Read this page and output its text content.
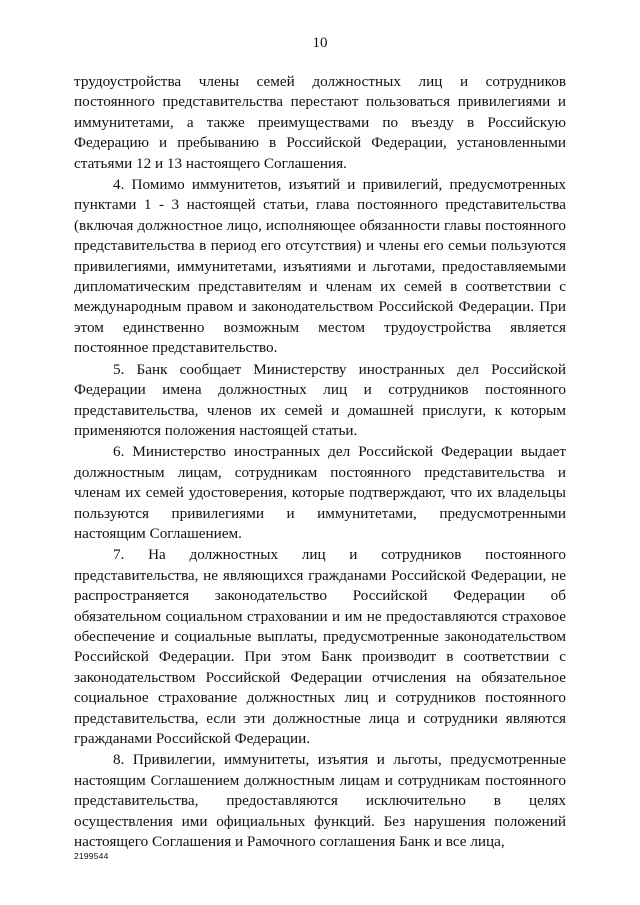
10

трудоустройства члены семей должностных лиц и сотрудников постоянного представительства перестают пользоваться привилегиями и иммунитетами, а также преимуществами по въезду в Российскую Федерацию и пребыванию в Российской Федерации, установленными статьями 12 и 13 настоящего Соглашения.

4. Помимо иммунитетов, изъятий и привилегий, предусмотренных пунктами 1 - 3 настоящей статьи, глава постоянного представительства (включая должностное лицо, исполняющее обязанности главы постоянного представительства в период его отсутствия) и члены его семьи пользуются привилегиями, иммунитетами, изъятиями и льготами, предоставляемыми дипломатическим представителям и членам их семей в соответствии с международным правом и законодательством Российской Федерации. При этом единственно возможным местом трудоустройства является постоянное представительство.

5. Банк сообщает Министерству иностранных дел Российской Федерации имена должностных лиц и сотрудников постоянного представительства, членов их семей и домашней прислуги, к которым применяются положения настоящей статьи.

6. Министерство иностранных дел Российской Федерации выдает должностным лицам, сотрудникам постоянного представительства и членам их семей удостоверения, которые подтверждают, что их владельцы пользуются привилегиями и иммунитетами, предусмотренными настоящим Соглашением.

7. На должностных лиц и сотрудников постоянного представительства, не являющихся гражданами Российской Федерации, не распространяется законодательство Российской Федерации об обязательном социальном страховании и им не предоставляются страховое обеспечение и социальные выплаты, предусмотренные законодательством Российской Федерации. При этом Банк производит в соответствии с законодательством Российской Федерации отчисления на обязательное социальное страхование должностных лиц и сотрудников постоянного представительства, если эти должностные лица и сотрудники являются гражданами Российской Федерации.

8. Привилегии, иммунитеты, изъятия и льготы, предусмотренные настоящим Соглашением должностным лицам и сотрудникам постоянного представительства, предоставляются исключительно в целях осуществления ими официальных функций. Без нарушения положений настоящего Соглашения и Рамочного соглашения Банк и все лица,

2199544
